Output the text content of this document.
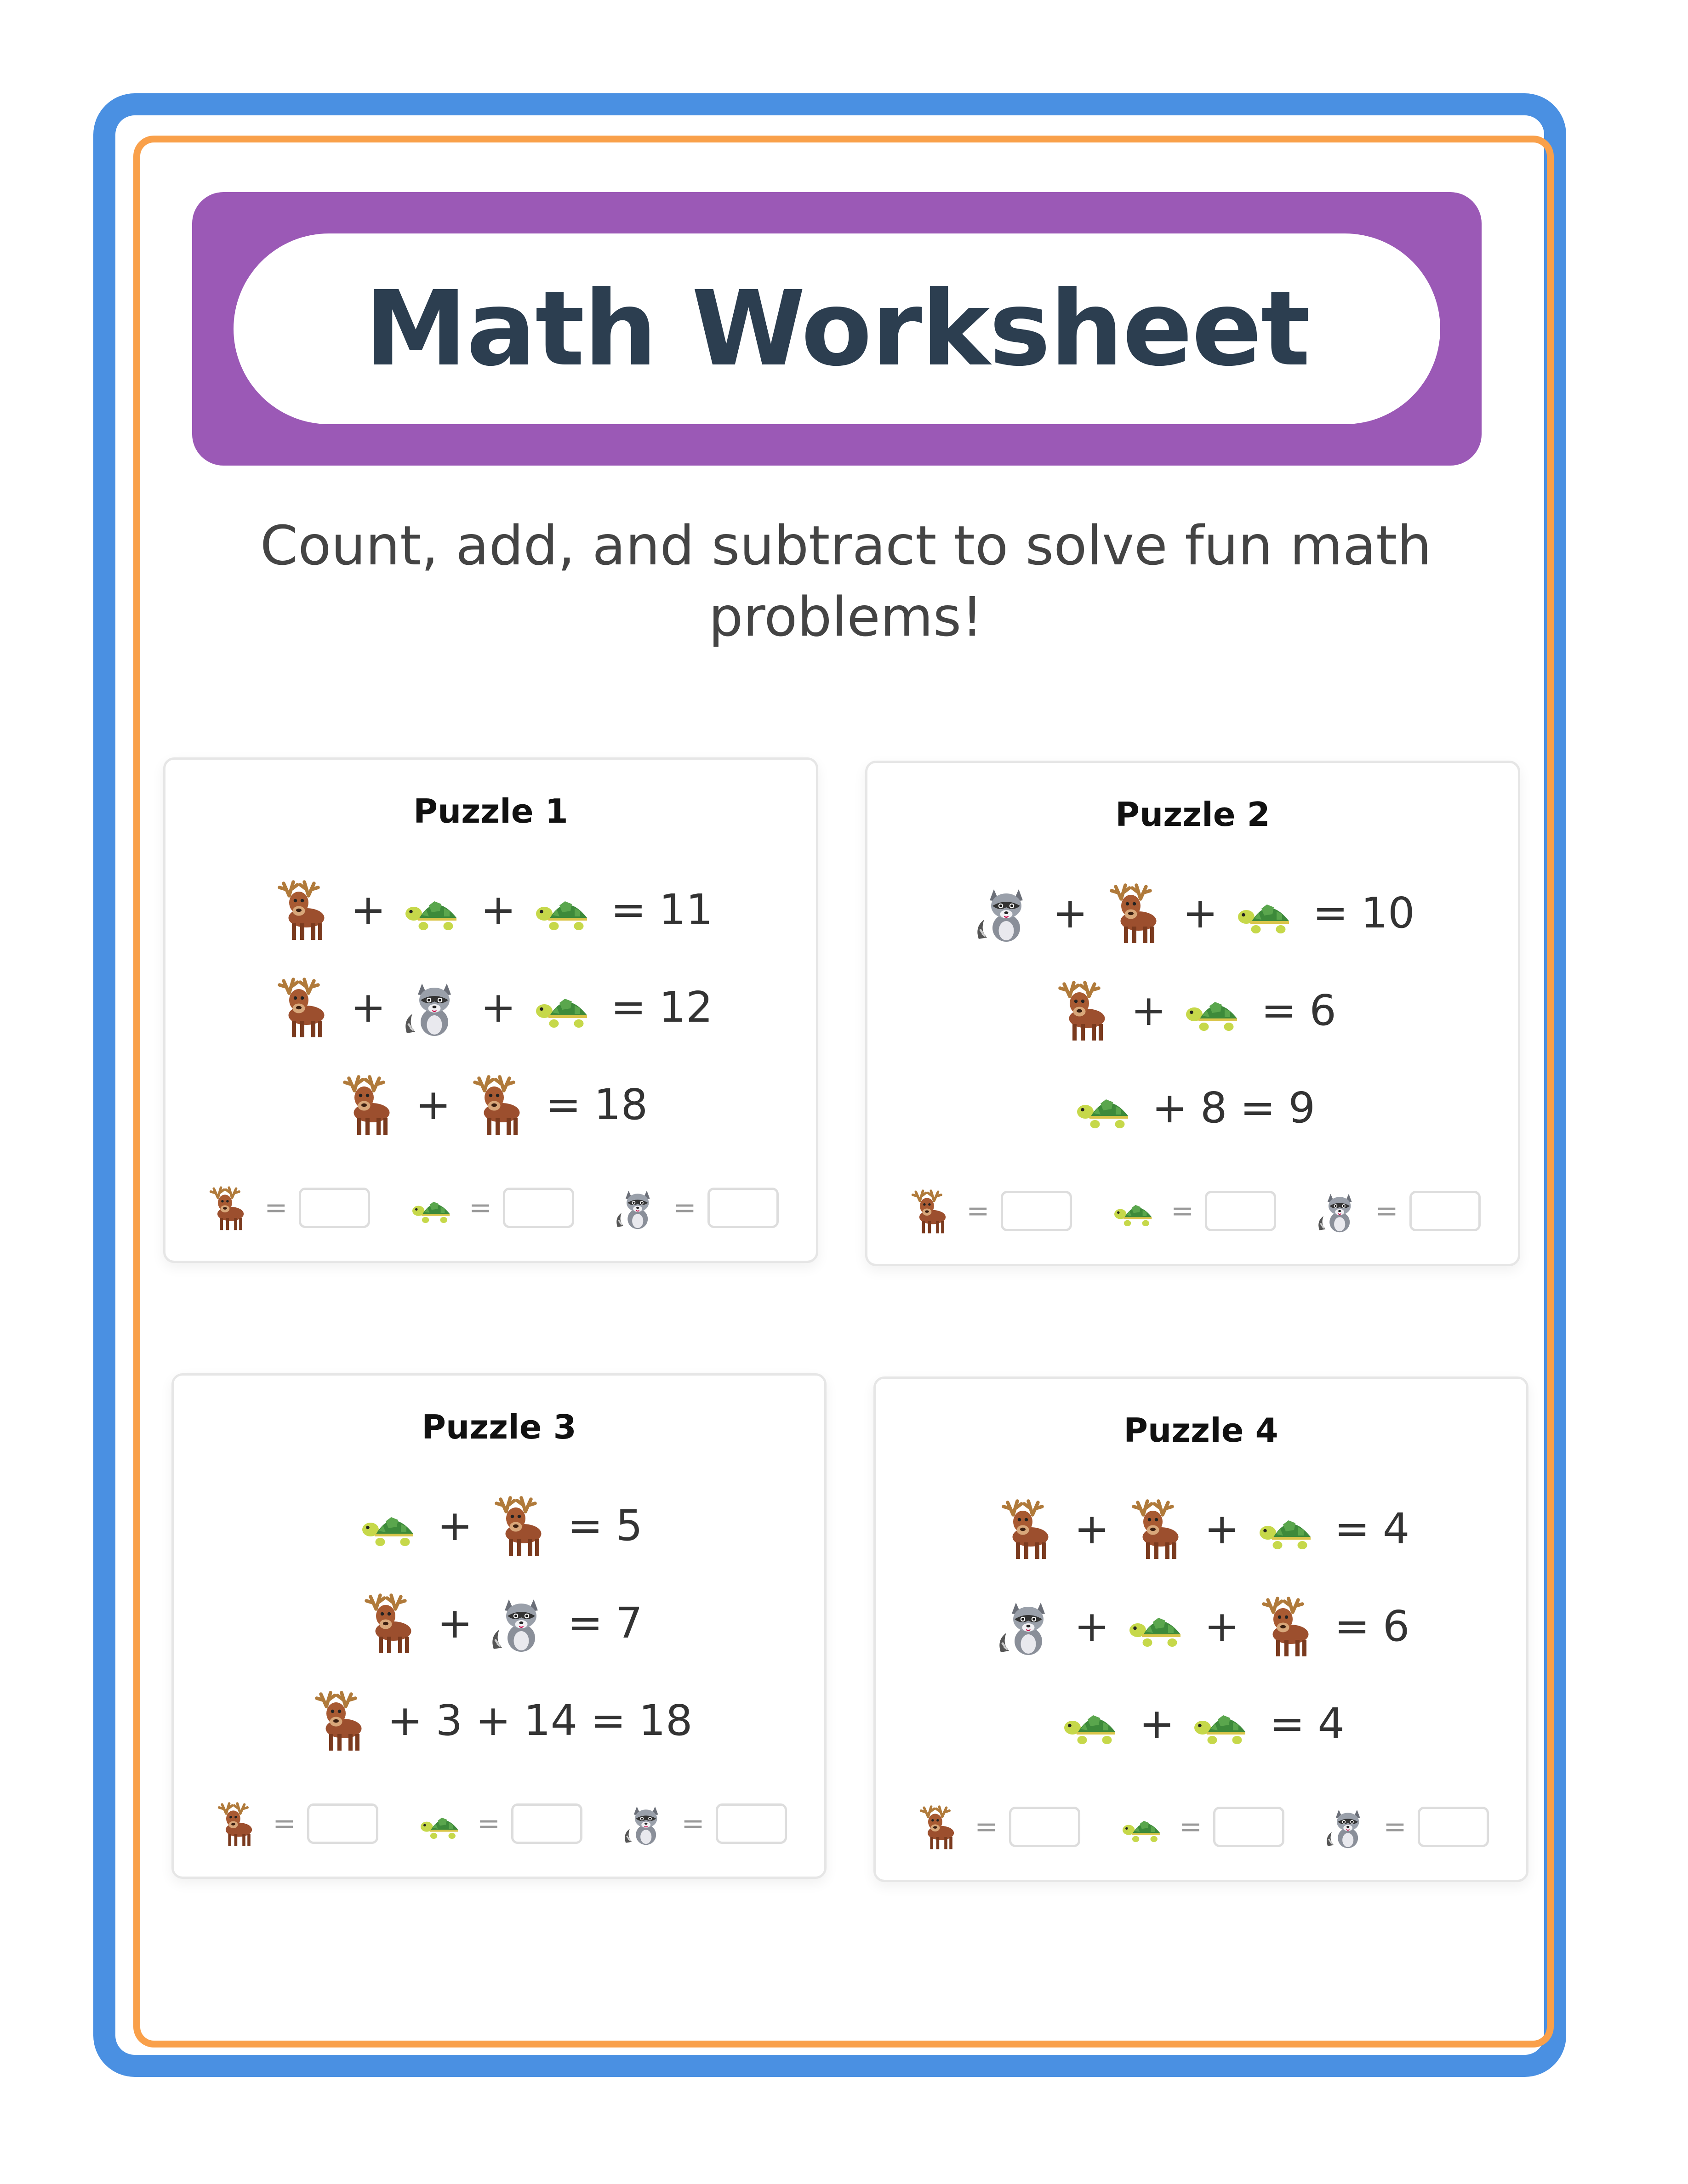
Math Worksheet
Count, add, and subtract to solve fun math problems!
Puzzle 1
+ + = 11
+ + = 12
+ = 18
=	=	=
Puzzle 2
+ + = 10
+ = 6
+ 8 = 9
=	=	=
Puzzle 3
+ = 5
+ = 7
+ 3 + 14 = 18
=	=	=
Puzzle 4
+ + = 4
+ + = 6
+ = 4
=	=	=
